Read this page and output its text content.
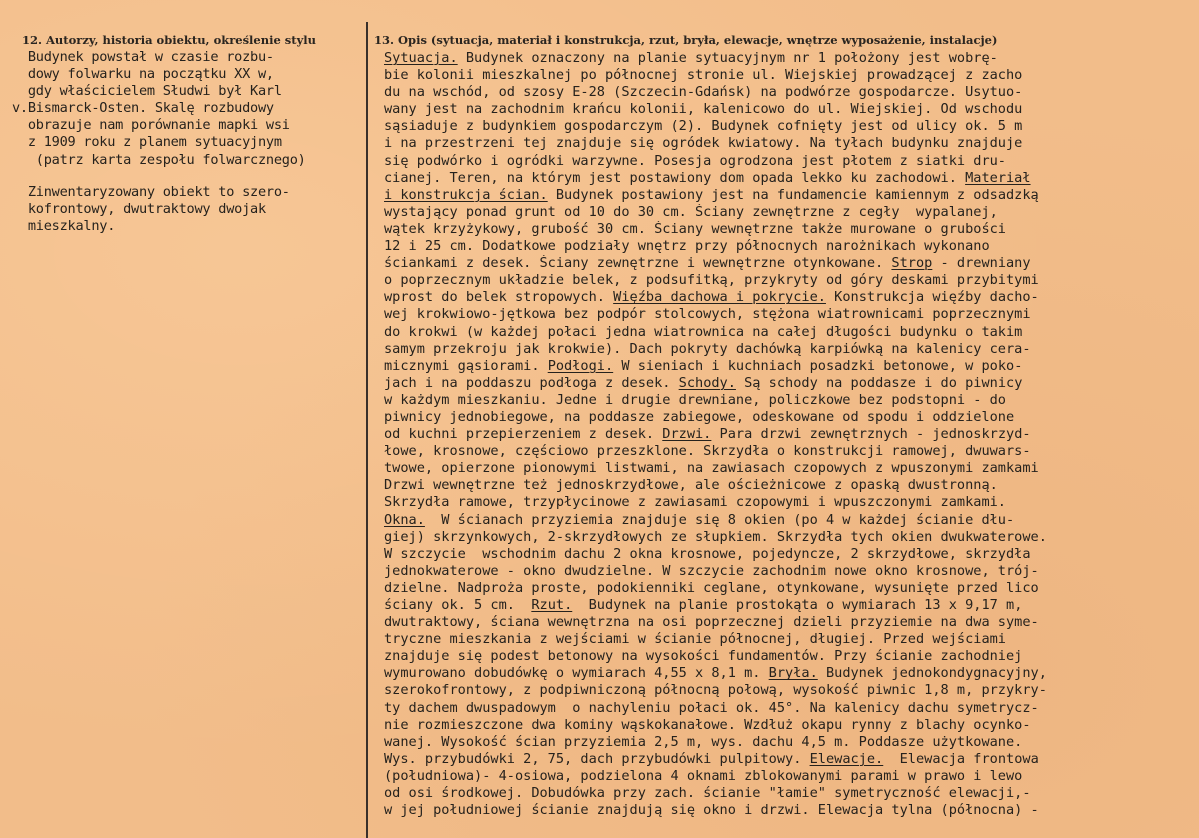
12. Autorzy, historia obiektu, określenie stylu	13. Opis (sytuacja, materiał i konstrukcja, rzut, bryła, elewacje, wnętrze wyposażenie, instalacje)
Budynek powstał w czasie rozbu-
dowy folwarku na początku XX w,
gdy właścicielem Słudwi był Karl
v.Bismarck-Osten. Skalę rozbudowy
obrazuje nam porównanie mapki wsi
z 1909 roku z planem sytuacyjnym
(patrz karta zespołu folwarcznego)
Zinwentaryzowany obiekt to szero-
kofrontowy, dwutraktowy dwojak
mieszkalny.
Sytuacja. Budynek oznaczony na planie sytuacyjnym nr 1 położony jest wobrę-
bie kolonii mieszkalnej po północnej stronie ul. Wiejskiej prowadzącej z zacho
du na wschód, od szosy E-28 (Szczecin-Gdańsk) na podwórze gospodarcze. Usytuo-
wany jest na zachodnim krańcu kolonii, kalenicowo do ul. Wiejskiej. Od wschodu
sąsiaduje z budynkiem gospodarczym (2). Budynek cofnięty jest od ulicy ok. 5 m
i na przestrzeni tej znajduje się ogródek kwiatowy. Na tyłach budynku znajduje
się podwórko i ogródki warzywne. Posesja ogrodzona jest płotem z siatki dru-
cianej. Teren, na którym jest postawiony dom opada lekko ku zachodowi. Materiał
i konstrukcja ścian. Budynek postawiony jest na fundamencie kamiennym z odsadzką
wystający ponad grunt od 10 do 30 cm. Ściany zewnętrzne z cegły  wypalanej,
wątek krzyżykowy, grubość 30 cm. Ściany wewnętrzne także murowane o grubości
12 i 25 cm. Dodatkowe podziały wnętrz przy północnych narożnikach wykonano
ściankami z desek. Ściany zewnętrzne i wewnętrzne otynkowane. Strop - drewniany
o poprzecznym układzie belek, z podsufitką, przykryty od góry deskami przybitymi
wprost do belek stropowych. Więźba dachowa i pokrycie. Konstrukcja więźby dacho-
wej krokwiowo-jętkowa bez podpór stolcowych, stężona wiatrownicami poprzecznymi
do krokwi (w każdej połaci jedna wiatrownica na całej długości budynku o takim
samym przekroju jak krokwie). Dach pokryty dachówką karpiówką na kalenicy cera-
micznymi gąsiorami. Podłogi. W sieniach i kuchniach posadzki betonowe, w poko-
jach i na poddaszu podłoga z desek. Schody. Są schody na poddasze i do piwnicy
w każdym mieszkaniu. Jedne i drugie drewniane, policzkowe bez podstopni - do
piwnicy jednobiegowe, na poddasze zabiegowe, odeskowane od spodu i oddzielone
od kuchni przepierzeniem z desek. Drzwi. Para drzwi zewnętrznych - jednoskrzyd-
łowe, krosnowe, częściowo przeszklone. Skrzydła o konstrukcji ramowej, dwuwars-
twowe, opierzone pionowymi listwami, na zawiasach czopowych z wpuszonymi zamkami
Drzwi wewnętrzne też jednoskrzydłowe, ale ościeżnicowe z opaską dwustronną.
Skrzydła ramowe, trzypłycinowe z zawiasami czopowymi i wpuszczonymi zamkami.
Okna.  W ścianach przyziemia znajduje się 8 okien (po 4 w każdej ścianie dłu-
giej) skrzynkowych, 2-skrzydłowych ze słupkiem. Skrzydła tych okien dwukwaterowe.
W szczycie  wschodnim dachu 2 okna krosnowe, pojedyncze, 2 skrzydłowe, skrzydła
jednokwaterowe - okno dwudzielne. W szczycie zachodnim nowe okno krosnowe, trój-
dzielne. Nadproża proste, podokienniki ceglane, otynkowane, wysunięte przed lico
ściany ok. 5 cm.  Rzut.  Budynek na planie prostokąta o wymiarach 13 x 9,17 m,
dwutraktowy, ściana wewnętrzna na osi poprzecznej dzieli przyziemie na dwa syme-
tryczne mieszkania z wejściami w ścianie północnej, długiej. Przed wejściami
znajduje się podest betonowy na wysokości fundamentów. Przy ścianie zachodniej
wymurowano dobudówkę o wymiarach 4,55 x 8,1 m. Bryła. Budynek jednokondygnacyjny,
szerokofrontowy, z podpiwniczoną północną połową, wysokość piwnic 1,8 m, przykry-
ty dachem dwuspadowym  o nachyleniu połaci ok. 45°. Na kalenicy dachu symetrycz-
nie rozmieszczone dwa kominy wąskokanałowe. Wzdłuż okapu rynny z blachy ocynko-
wanej. Wysokość ścian przyziemia 2,5 m, wys. dachu 4,5 m. Poddasze użytkowane.
Wys. przybudówki 2, 75, dach przybudówki pulpitowy. Elewacje.  Elewacja frontowa
(południowa)- 4-osiowa, podzielona 4 oknami zblokowanymi parami w prawo i lewo
od osi środkowej. Dobudówka przy zach. ścianie "łamie" symetryczność elewacji,-
w jej południowej ścianie znajdują się okno i drzwi. Elewacja tylna (północna) -
